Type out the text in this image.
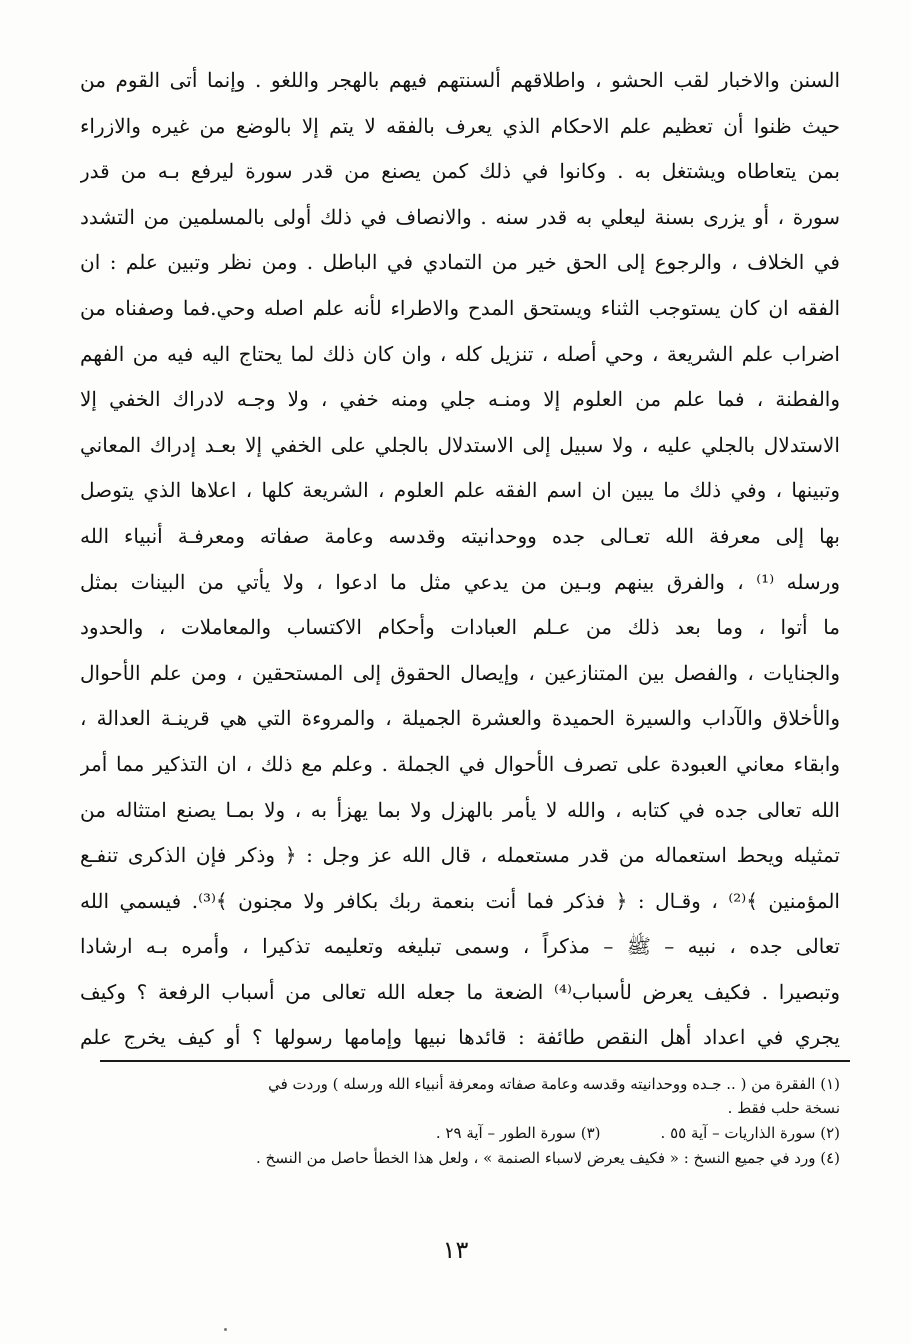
السنن والاخبار لقب الحشو ، واطلاقهم ألسنتهم فيهم بالهجر واللغو . وإنما أتى القوم من
حيث ظنوا أن تعظيم علم الاحكام الذي يعرف بالفقه لا يتم إلا بالوضع من غيره والازراء
بمن يتعاطاه ويشتغل به . وكانوا في ذلك كمن يصنع من قدر سورة ليرفع بـه من قدر
سورة ، أو يزرى بسنة ليعلي به قدر سنه . والانصاف في ذلك أولى بالمسلمين من التشدد
في الخلاف ، والرجوع إلى الحق خير من التمادي في الباطل . ومن نظر وتبين علم : ان
الفقه ان كان يستوجب الثناء ويستحق المدح والاطراء لأنه علم اصله وحي.فما وصفناه من
اضراب علم الشريعة ، وحي أصله ، تنزيل كله ، وان كان ذلك لما يحتاج اليه فيه من الفهم
والفطنة ، فما علم من العلوم إلا ومنـه جلي ومنه خفي ، ولا وجـه لادراك الخفي إلا
الاستدلال بالجلي عليه ، ولا سبيل إلى الاستدلال بالجلي على الخفي إلا بعـد إدراك المعاني
وتبينها ، وفي ذلك ما يبين ان اسم الفقه علم العلوم ، الشريعة كلها ، اعلاها الذي يتوصل
بها إلى معرفة الله تعـالى جده ووحدانيته وقدسه وعامة صفاته ومعرفـة أنبياء الله
ورسله ⁽¹⁾ ، والفرق بينهم وبـين من يدعي مثل ما ادعوا ، ولا يأتي من البينات بمثل
ما أتوا ، وما بعد ذلك من عـلم العبادات وأحكام الاكتساب والمعاملات ، والحدود
والجنايات ، والفصل بين المتنازعين ، وإيصال الحقوق إلى المستحقين ، ومن علم الأحوال
والأخلاق والآداب والسيرة الحميدة والعشرة الجميلة ، والمروءة التي هي قرينـة العدالة ،
وابقاء معاني العبودة على تصرف الأحوال في الجملة . وعلم مع ذلك ، ان التذكير مما أمر
الله تعالى جده في كتابه ، والله لا يأمر بالهزل ولا بما يهزأ به ، ولا بمـا يصنع امتثاله من
تمثيله ويحط استعماله من قدر مستعمله ، قال الله عز وجل : ﴿ وذكر فإن الذكرى تنفـع
المؤمنين ﴾⁽²⁾ ، وقـال : ﴿ فذكر فما أنت بنعمة ربك بكافر ولا مجنون ﴾⁽³⁾. فيسمي الله
تعالى جده ، نبيه – ﷺ – مذكراً ، وسمى تبليغه وتعليمه تذكيرا ، وأمره بـه ارشادا
وتبصيرا . فكيف يعرض لأسباب⁽⁴⁾ الضعة ما جعله الله تعالى من أسباب الرفعة ؟ وكيف
يجري في اعداد أهل النقص طائفة : قائدها نبيها وإمامها رسولها ؟ أو كيف يخرج علم
(١) الفقرة من ( .. جـده ووحدانيته وقدسه وعامة صفاته ومعرفة أنبياء الله ورسله ) وردت في
نسخة حلب فقط .
(٢) سورة الذاريات – آية ٥٥ .
(٣) سورة الطور – آية ٢٩ .
(٤) ورد في جميع النسخ : « فكيف يعرض لاسباء الصنمة » ، ولعل هذا الخطأ حاصل من النسخ .
١٣
